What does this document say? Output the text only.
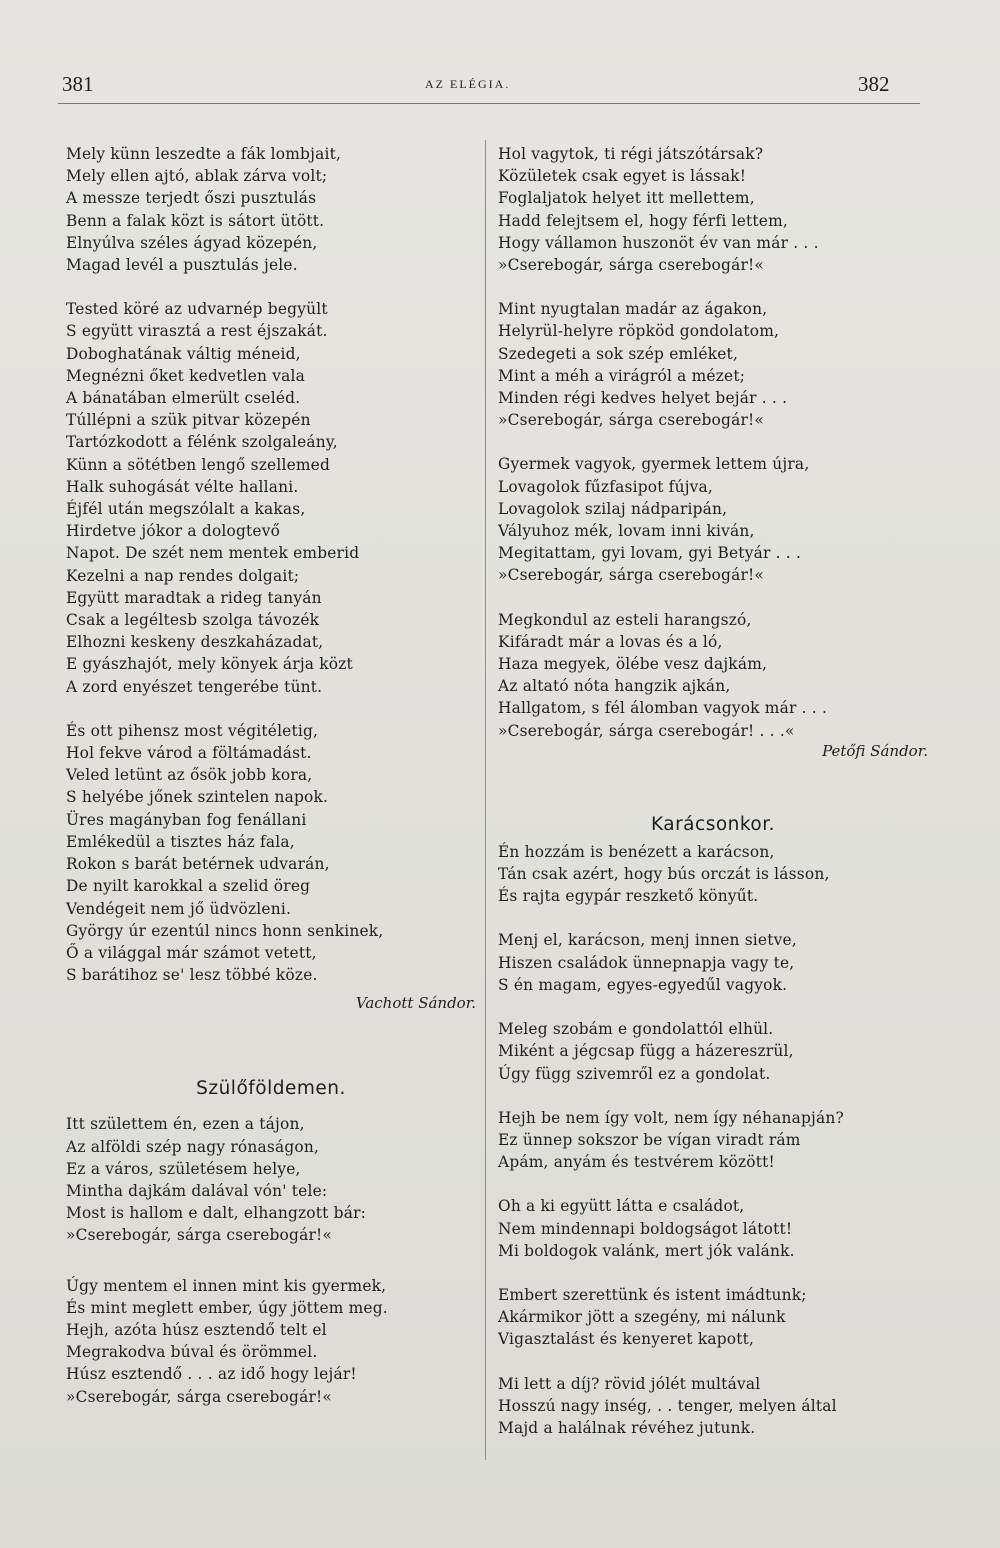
381	AZ ELÉGIA.	382
Mely künn leszedte a fák lombjait,
Mely ellen ajtó, ablak zárva volt;
A messze terjedt őszi pusztulás
Benn a falak közt is sátort ütött.
Elnyúlva széles ágyad közepén,
Magad levél a pusztulás jele.
Tested köré az udvarnép begyült
S együtt virasztá a rest éjszakát.
Doboghatának váltig méneid,
Megnézni őket kedvetlen vala
A bánatában elmerült cseléd.
Túllépni a szük pitvar közepén
Tartózkodott a félénk szolgaleány,
Künn a sötétben lengő szellemed
Halk suhogását vélte hallani.
Éjfél után megszólalt a kakas,
Hirdetve jókor a dologtevő
Napot. De szét nem mentek emberid
Kezelni a nap rendes dolgait;
Együtt maradtak a rideg tanyán
Csak a legéltesb szolga távozék
Elhozni keskeny deszkaházadat,
E gyászhajót, mely könyek árja közt
A zord enyészet tengerébe tünt.
És ott pihensz most végitéletig,
Hol fekve várod a föltámadást.
Veled letünt az ősök jobb kora,
S helyébe jőnek szintelen napok.
Üres magányban fog fenállani
Emlékedül a tisztes ház fala,
Rokon s barát betérnek udvarán,
De nyilt karokkal a szelid öreg
Vendégeit nem jő üdvözleni.
György úr ezentúl nincs honn senkinek,
Ő a világgal már számot vetett,
S barátihoz se' lesz többé köze.
Vachott Sándor.
Szülőföldemen.
Itt születtem én, ezen a tájon,
Az alföldi szép nagy rónaságon,
Ez a város, születésem helye,
Mintha dajkám dalával vón' tele:
Most is hallom e dalt, elhangzott bár:
»Cserebogár, sárga cserebogár!«
Úgy mentem el innen mint kis gyermek,
És mint meglett ember, úgy jöttem meg.
Hejh, azóta húsz esztendő telt el
Megrakodva búval és örömmel.
Húsz esztendő . . . az idő hogy lejár!
»Cserebogár, sárga cserebogár!«
Hol vagytok, ti régi játszótársak?
Közületek csak egyet is lássak!
Foglaljatok helyet itt mellettem,
Hadd felejtsem el, hogy férfi lettem,
Hogy vállamon huszonöt év van már . . .
»Cserebogár, sárga cserebogár!«
Mint nyugtalan madár az ágakon,
Helyrül-helyre röpköd gondolatom,
Szedegeti a sok szép emléket,
Mint a méh a virágról a mézet;
Minden régi kedves helyet bejár . . .
»Cserebogár, sárga cserebogár!«
Gyermek vagyok, gyermek lettem újra,
Lovagolok fűzfasipot fújva,
Lovagolok szilaj nádparipán,
Vályuhoz mék, lovam inni kiván,
Megitattam, gyi lovam, gyi Betyár . . .
»Cserebogár, sárga cserebogár!«
Megkondul az esteli harangszó,
Kifáradt már a lovas és a ló,
Haza megyek, ölébe vesz dajkám,
Az altató nóta hangzik ajkán,
Hallgatom, s fél álomban vagyok már . . .
»Cserebogár, sárga cserebogár! . . .«
Petőfi Sándor.
Karácsonkor.
Én hozzám is benézett a karácson,
Tán csak azért, hogy bús orczát is lásson,
És rajta egypár reszkető könyűt.
Menj el, karácson, menj innen sietve,
Hiszen családok ünnepnapja vagy te,
S én magam, egyes-egyedűl vagyok.
Meleg szobám e gondolattól elhül.
Miként a jégcsap függ a házereszrül,
Úgy függ szivemről ez a gondolat.
Hejh be nem így volt, nem így néhanapján?
Ez ünnep sokszor be vígan viradt rám
Apám, anyám és testvérem között!
Oh a ki együtt látta e családot,
Nem mindennapi boldogságot látott!
Mi boldogok valánk, mert jók valánk.
Embert szerettünk és istent imádtunk;
Akármikor jött a szegény, mi nálunk
Vigasztalást és kenyeret kapott,
Mi lett a díj? rövid jólét multával
Hosszú nagy inség, . . tenger, melyen által
Majd a halálnak révéhez jutunk.
